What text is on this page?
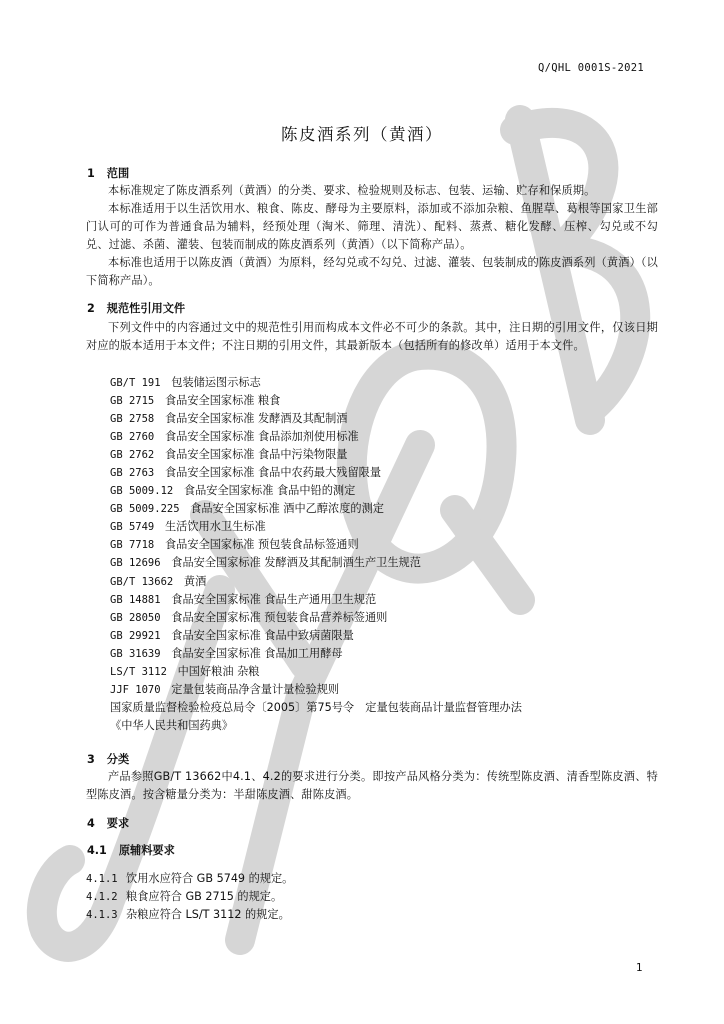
Q/QHL 0001S-2021
陈皮酒系列（黄酒）
1 范围
本标准规定了陈皮酒系列（黄酒）的分类、要求、检验规则及标志、包装、运输、贮存和保质期。
本标准适用于以生活饮用水、粮食、陈皮、酵母为主要原料，添加或不添加杂粮、鱼腥草、葛根等国家卫生部门认可的可作为普通食品为辅料，经预处理（淘米、筛理、清洗）、配料、蒸煮、糖化发酵、压榨、勾兑或不勾兑、过滤、杀菌、灌装、包装而制成的陈皮酒系列（黄酒）（以下简称产品）。
本标准也适用于以陈皮酒（黄酒）为原料，经勾兑或不勾兑、过滤、灌装、包装制成的陈皮酒系列（黄酒）（以下简称产品）。
2 规范性引用文件
下列文件中的内容通过文中的规范性引用而构成本文件必不可少的条款。其中，注日期的引用文件，仅该日期对应的版本适用于本文件；不注日期的引用文件，其最新版本（包括所有的修改单）适用于本文件。
GB/T 191 包装储运图示标志
GB 2715 食品安全国家标准 粮食
GB 2758 食品安全国家标准 发酵酒及其配制酒
GB 2760 食品安全国家标准 食品添加剂使用标准
GB 2762 食品安全国家标准 食品中污染物限量
GB 2763 食品安全国家标准 食品中农药最大残留限量
GB 5009.12 食品安全国家标准 食品中铅的测定
GB 5009.225 食品安全国家标准 酒中乙醇浓度的测定
GB 5749 生活饮用水卫生标准
GB 7718 食品安全国家标准 预包装食品标签通则
GB 12696 食品安全国家标准 发酵酒及其配制酒生产卫生规范
GB/T 13662 黄酒
GB 14881 食品安全国家标准 食品生产通用卫生规范
GB 28050 食品安全国家标准 预包装食品营养标签通则
GB 29921 食品安全国家标准 食品中致病菌限量
GB 31639 食品安全国家标准 食品加工用酵母
LS/T 3112 中国好粮油 杂粮
JJF 1070 定量包装商品净含量计量检验规则
国家质量监督检验检疫总局令〔2005〕第75号令　定量包装商品计量监督管理办法
《中华人民共和国药典》
3 分类
产品参照GB/T 13662中4.1、4.2的要求进行分类。即按产品风格分类为：传统型陈皮酒、清香型陈皮酒、特型陈皮酒。按含糖量分类为：半甜陈皮酒、甜陈皮酒。
4 要求
4.1 原辅料要求
4.1.1 饮用水应符合 GB 5749 的规定。
4.1.2 粮食应符合 GB 2715 的规定。
4.1.3 杂粮应符合 LS/T 3112 的规定。
1
